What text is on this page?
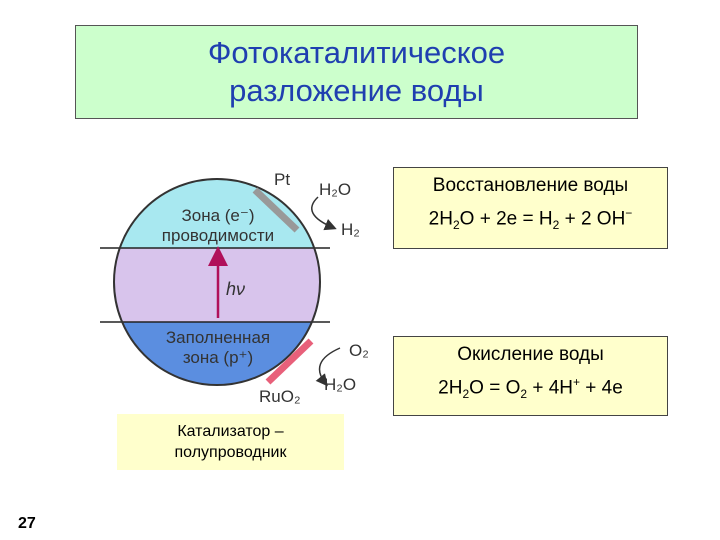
Фотокаталитическое
разложение воды
Зона (e⁻)
проводимости
Заполненная
зона (p⁺)
hν
Pt
H₂O
H₂
O₂
H₂O
RuO₂
Восстановление воды
$2H_2O + 2e = H_2 + 2$ OH−
Окисление воды
$2H_2O = O_2 + 4H^+ + 4e$
Катализатор –
полупроводник
27
